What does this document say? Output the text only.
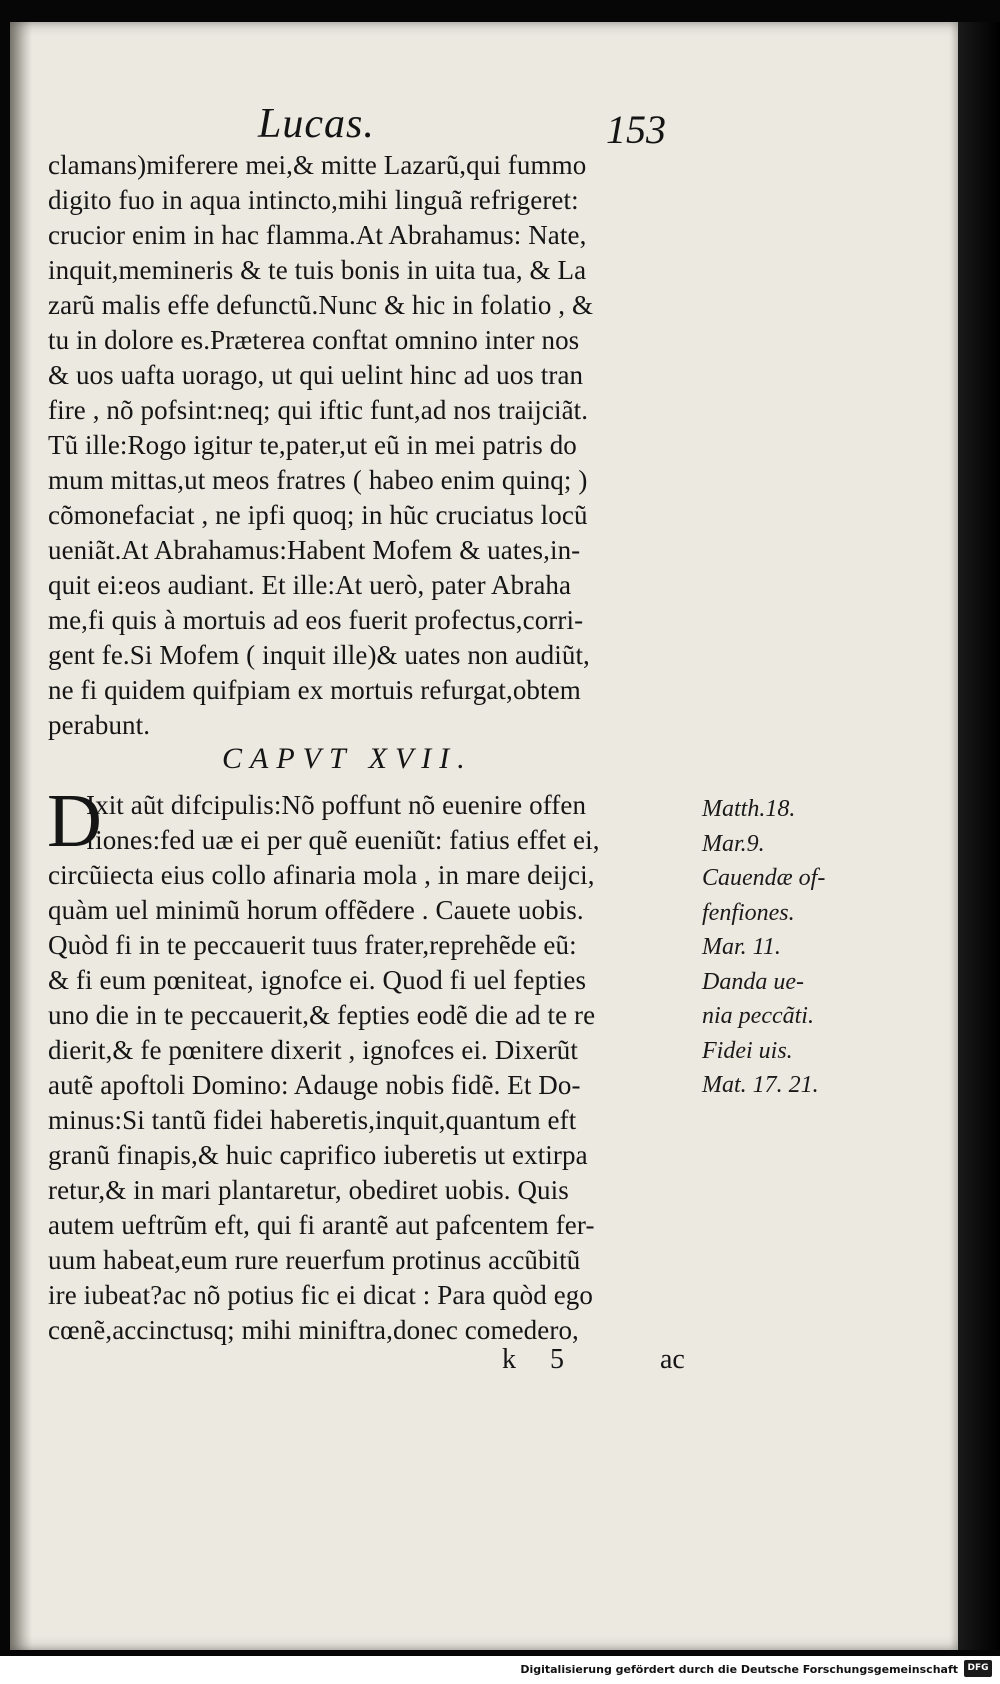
Lucas.	153
clamans)miferere mei,& mitte Lazarũ,qui fummo
digito fuo in aqua intincto,mihi linguã refrigeret:
crucior enim in hac flamma.At Abrahamus: Nate,
inquit,memineris & te tuis bonis in uita tua, & La
zarũ malis effe defunctũ.Nunc & hic in folatio , &
tu in dolore es.Præterea conftat omnino inter nos
& uos uafta uorago, ut qui uelint hinc ad uos tran
fire , nõ pofsint:neq; qui iftic funt,ad nos traijciãt.
Tũ ille:Rogo igitur te,pater,ut eũ in mei patris do
mum mittas,ut meos fratres ( habeo enim quinq; )
cõmonefaciat , ne ipfi quoq; in hũc cruciatus locũ
ueniãt.At Abrahamus:Habent Mofem & uates,in-
quit ei:eos audiant. Et ille:At uerò, pater Abraha
me,fi quis à mortuis ad eos fuerit profectus,corri-
gent fe.Si Mofem ( inquit ille)& uates non audiũt,
ne fi quidem quifpiam ex mortuis refurgat,obtem
perabunt.
CAPVT XVII.
D
Ixit aũt difcipulis:Nõ poffunt nõ euenire offen
fiones:fed uæ ei per quẽ eueniũt: fatius effet ei,
circũiecta eius collo afinaria mola , in mare deijci,
quàm uel minimũ horum offẽdere . Cauete uobis.
Quòd fi in te peccauerit tuus frater,reprehẽde eũ:
& fi eum pœniteat, ignofce ei. Quod fi uel fepties
uno die in te peccauerit,& fepties eodẽ die ad te re
dierit,& fe pœnitere dixerit , ignofces ei. Dixerũt
autẽ apoftoli Domino: Adauge nobis fidẽ. Et Do-
minus:Si tantũ fidei haberetis,inquit,quantum eft
granũ finapis,& huic caprifico iuberetis ut extirpa
retur,& in mari plantaretur, obediret uobis. Quis
autem ueftrũm eft, qui fi arantẽ aut pafcentem fer-
uum habeat,eum rure reuerfum protinus accũbitũ
ire iubeat?ac nõ potius fic ei dicat : Para quòd ego
cœnẽ,accinctusq; mihi miniftra,donec comedero,
Matth.18.
Mar.9.
Cauendæ of-
fenfiones.
Mar. 11.
Danda ue-
nia peccãti.
Fidei uis.
Mat. 17. 21.
k 5	ac
Digitalisierung gefördert durch die Deutsche Forschungsgemeinschaft	DFG
